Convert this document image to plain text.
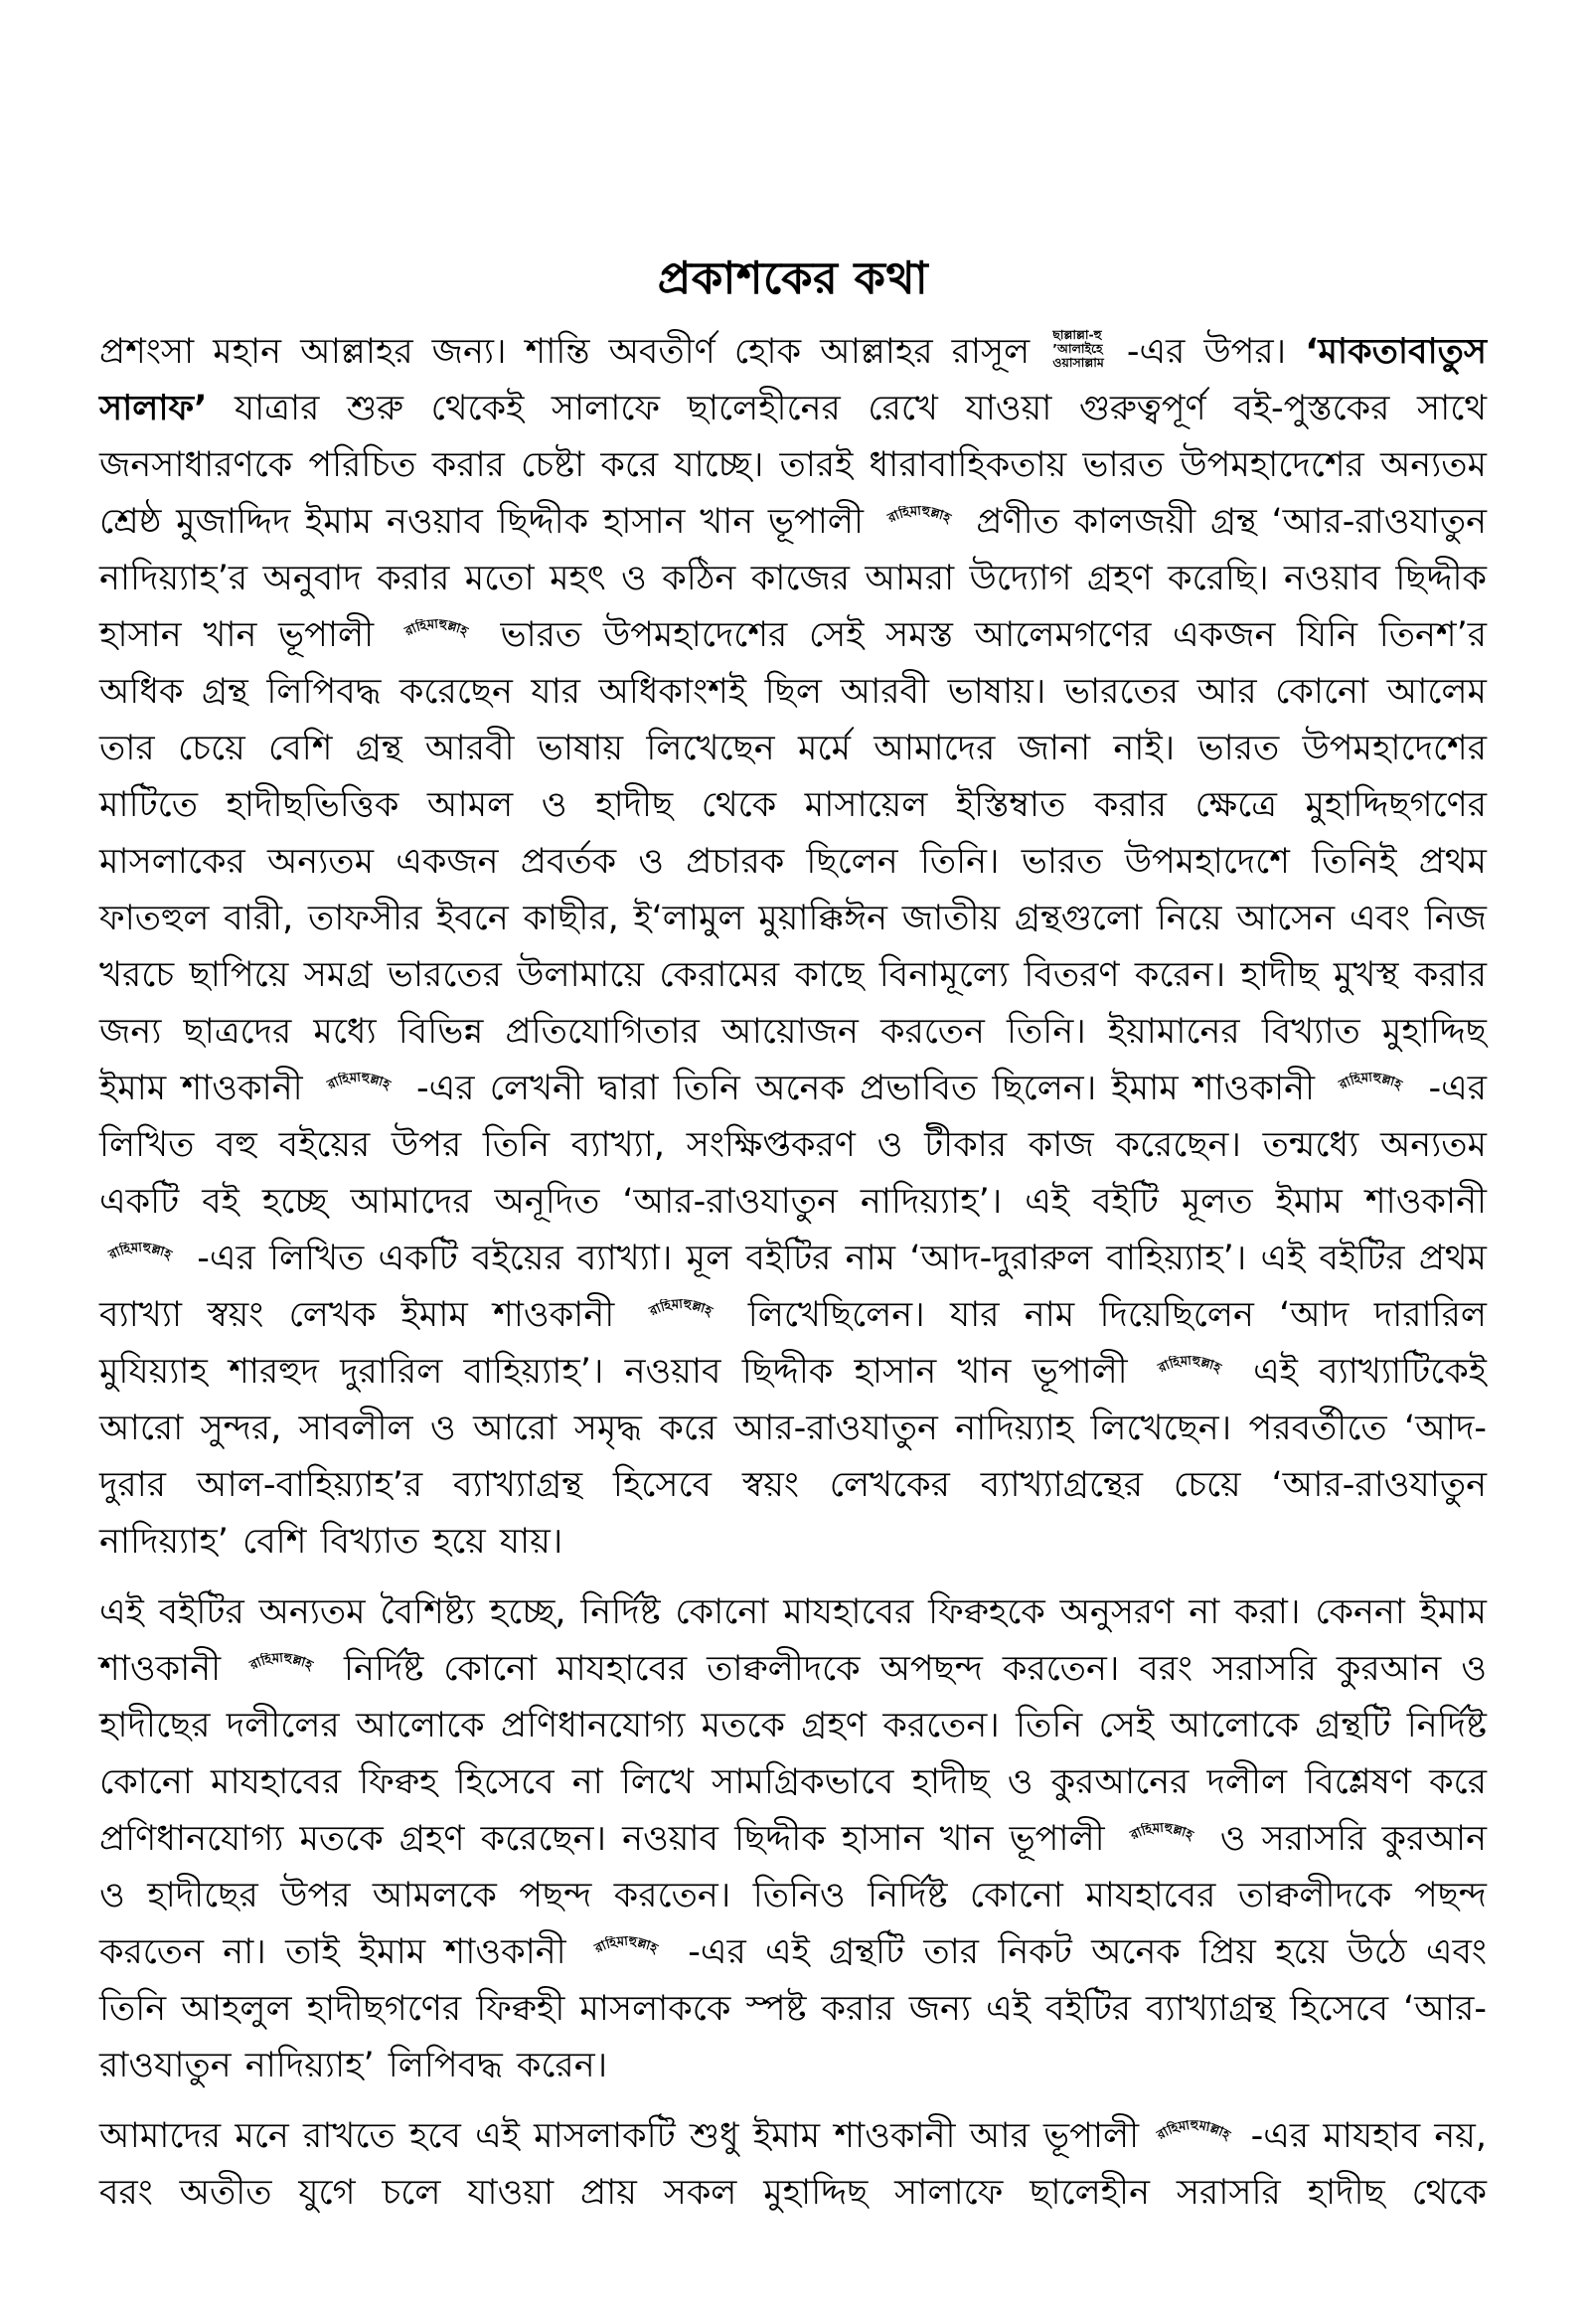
প্রকাশকের কথা

প্রশংসা মহান আল্লাহর জন্য। শান্তি অবতীর্ণ হোক আল্লাহর রাসূল ছাল্লাল্লা-হু
’আলাইহে
ওয়াসাল্লাম -এর উপর। ‘মাকতাবাতুস সালাফ’ যাত্রার শুরু থেকেই সালাফে ছালেহীনের রেখে যাওয়া গুরুত্বপূর্ণ বই-পুস্তকের সাথে জনসাধারণকে পরিচিত করার চেষ্টা করে যাচ্ছে। তারই ধারাবাহিকতায় ভারত উপমহাদেশের অন্যতম শ্রেষ্ঠ মুজাদ্দিদ ইমাম নওয়াব ছিদ্দীক হাসান খান ভূপালী রাহিমাহুল্লাহ প্রণীত কালজয়ী গ্রন্থ ‘আর-রাওযাতুন নাদিয়্যাহ’র অনুবাদ করার মতো মহৎ ও কঠিন কাজের আমরা উদ্যোগ গ্রহণ করেছি। নওয়াব ছিদ্দীক হাসান খান ভূপালী রাহিমাহুল্লাহ ভারত উপমহাদেশের সেই সমস্ত আলেমগণের একজন যিনি তিনশ’র অধিক গ্রন্থ লিপিবদ্ধ করেছেন যার অধিকাংশই ছিল আরবী ভাষায়। ভারতের আর কোনো আলেম তার চেয়ে বেশি গ্রন্থ আরবী ভাষায় লিখেছেন মর্মে আমাদের জানা নাই। ভারত উপমহাদেশের মাটিতে হাদীছভিত্তিক আমল ও হাদীছ থেকে মাসায়েল ইস্তিম্বাত করার ক্ষেত্রে মুহাদ্দিছগণের মাসলাকের অন্যতম একজন প্রবর্তক ও প্রচারক ছিলেন তিনি। ভারত উপমহাদেশে তিনিই প্রথম ফাতহুল বারী, তাফসীর ইবনে কাছীর, ই‘লামুল মুয়াক্কিঈন জাতীয় গ্রন্থগুলো নিয়ে আসেন এবং নিজ খরচে ছাপিয়ে সমগ্র ভারতের উলামায়ে কেরামের কাছে বিনামূল্যে বিতরণ করেন। হাদীছ মুখস্থ করার জন্য ছাত্রদের মধ্যে বিভিন্ন প্রতিযোগিতার আয়োজন করতেন তিনি। ইয়ামানের বিখ্যাত মুহাদ্দিছ ইমাম শাওকানী রাহিমাহুল্লাহ -এর লেখনী দ্বারা তিনি অনেক প্রভাবিত ছিলেন। ইমাম শাওকানী রাহিমাহুল্লাহ -এর লিখিত বহু বইয়ের উপর তিনি ব্যাখ্যা, সংক্ষিপ্তকরণ ও টীকার কাজ করেছেন। তন্মধ্যে অন্যতম একটি বই হচ্ছে আমাদের অনূদিত ‘আর-রাওযাতুন নাদিয়্যাহ’। এই বইটি মূলত ইমাম শাওকানী
রাহিমাহুল্লাহ -এর লিখিত একটি বইয়ের ব্যাখ্যা। মূল বইটির নাম ‘আদ-দুরারুল বাহিয়্যাহ’। এই বইটির প্রথম ব্যাখ্যা স্বয়ং লেখক ইমাম শাওকানী রাহিমাহুল্লাহ লিখেছিলেন। যার নাম দিয়েছিলেন ‘আদ দারারিল মুযিয়্যাহ শারহুদ দুরারিল বাহিয়্যাহ’। নওয়াব ছিদ্দীক হাসান খান ভূপালী রাহিমাহুল্লাহ এই ব্যাখ্যাটিকেই আরো সুন্দর, সাবলীল ও আরো সমৃদ্ধ করে আর-রাওযাতুন নাদিয়্যাহ লিখেছেন। পরবর্তীতে ‘আদ-দুরার আল-বাহিয়্যাহ’র ব্যাখ্যাগ্রন্থ হিসেবে স্বয়ং লেখকের ব্যাখ্যাগ্রন্থের চেয়ে ‘আর-রাওযাতুন নাদিয়্যাহ’ বেশি বিখ্যাত হয়ে যায়।

এই বইটির অন্যতম বৈশিষ্ট্য হচ্ছে, নির্দিষ্ট কোনো মাযহাবের ফিক্বহকে অনুসরণ না করা। কেননা ইমাম শাওকানী রাহিমাহুল্লাহ নির্দিষ্ট কোনো মাযহাবের তাক্বলীদকে অপছন্দ করতেন। বরং সরাসরি কুরআন ও হাদীছের দলীলের আলোকে প্রণিধানযোগ্য মতকে গ্রহণ করতেন। তিনি সেই আলোকে গ্রন্থটি নির্দিষ্ট কোনো মাযহাবের ফিক্বহ হিসেবে না লিখে সামগ্রিকভাবে হাদীছ ও কুরআনের দলীল বিশ্লেষণ করে প্রণিধানযোগ্য মতকে গ্রহণ করেছেন। নওয়াব ছিদ্দীক হাসান খান ভূপালী রাহিমাহুল্লাহ ও সরাসরি কুরআন ও হাদীছের উপর আমলকে পছন্দ করতেন। তিনিও নির্দিষ্ট কোনো মাযহাবের তাক্বলীদকে পছন্দ করতেন না। তাই ইমাম শাওকানী রাহিমাহুল্লাহ -এর এই গ্রন্থটি তার নিকট অনেক প্রিয় হয়ে উঠে এবং তিনি আহলুল হাদীছগণের ফিক্বহী মাসলাককে স্পষ্ট করার জন্য এই বইটির ব্যাখ্যাগ্রন্থ হিসেবে ‘আর-রাওযাতুন নাদিয়্যাহ’ লিপিবদ্ধ করেন।

আমাদের মনে রাখতে হবে এই মাসলাকটি শুধু ইমাম শাওকানী আর ভূপালী রাহিমাহুমাল্লাহ -এর মাযহাব নয়, বরং অতীত যুগে চলে যাওয়া প্রায় সকল মুহাদ্দিছ সালাফে ছালেহীন সরাসরি হাদীছ থেকে
